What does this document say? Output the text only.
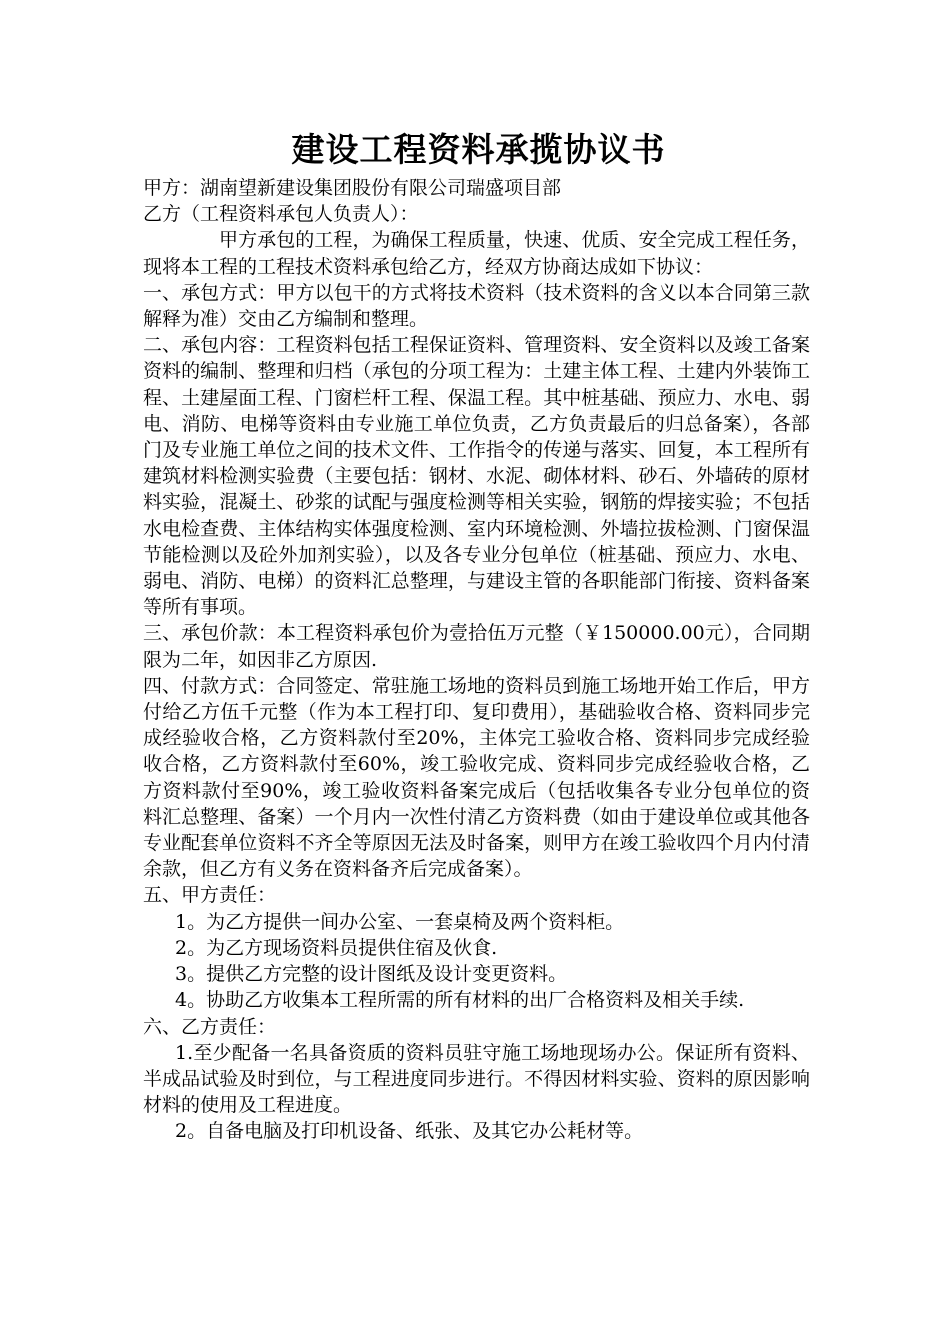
建设工程资料承揽协议书

甲方：湖南望新建设集团股份有限公司瑞盛项目部

乙方（工程资料承包人负责人）：

甲方承包的工程，为确保工程质量，快速、优质、安全完成工程任务，现将本工程的工程技术资料承包给乙方，经双方协商达成如下协议：

一、承包方式：甲方以包干的方式将技术资料（技术资料的含义以本合同第三款解释为准）交由乙方编制和整理。

二、承包内容：工程资料包括工程保证资料、管理资料、安全资料以及竣工备案资料的编制、整理和归档（承包的分项工程为：土建主体工程、土建内外装饰工程、土建屋面工程、门窗栏杆工程、保温工程。其中桩基础、预应力、水电、弱电、消防、电梯等资料由专业施工单位负责，乙方负责最后的归总备案），各部门及专业施工单位之间的技术文件、工作指令的传递与落实、回复，本工程所有建筑材料检测实验费（主要包括：钢材、水泥、砌体材料、砂石、外墙砖的原材料实验，混凝土、砂浆的试配与强度检测等相关实验，钢筋的焊接实验；不包括水电检查费、主体结构实体强度检测、室内环境检测、外墙拉拔检测、门窗保温节能检测以及砼外加剂实验），以及各专业分包单位（桩基础、预应力、水电、弱电、消防、电梯）的资料汇总整理，与建设主管的各职能部门衔接、资料备案等所有事项。

三、承包价款：本工程资料承包价为壹拾伍万元整（￥150000.00元），合同期限为二年，如因非乙方原因.

四、付款方式：合同签定、常驻施工场地的资料员到施工场地开始工作后，甲方付给乙方伍千元整（作为本工程打印、复印费用），基础验收合格、资料同步完成经验收合格，乙方资料款付至20%，主体完工验收合格、资料同步完成经验收合格，乙方资料款付至60%，竣工验收完成、资料同步完成经验收合格，乙方资料款付至90%，竣工验收资料备案完成后（包括收集各专业分包单位的资料汇总整理、备案）一个月内一次性付清乙方资料费（如由于建设单位或其他各专业配套单位资料不齐全等原因无法及时备案，则甲方在竣工验收四个月内付清余款，但乙方有义务在资料备齐后完成备案）。

五、甲方责任：

1。为乙方提供一间办公室、一套桌椅及两个资料柜。

2。为乙方现场资料员提供住宿及伙食.

3。提供乙方完整的设计图纸及设计变更资料。

4。协助乙方收集本工程所需的所有材料的出厂合格资料及相关手续.

六、乙方责任：

1.至少配备一名具备资质的资料员驻守施工场地现场办公。保证所有资料、半成品试验及时到位，与工程进度同步进行。不得因材料实验、资料的原因影响材料的使用及工程进度。

2。自备电脑及打印机设备、纸张、及其它办公耗材等。
